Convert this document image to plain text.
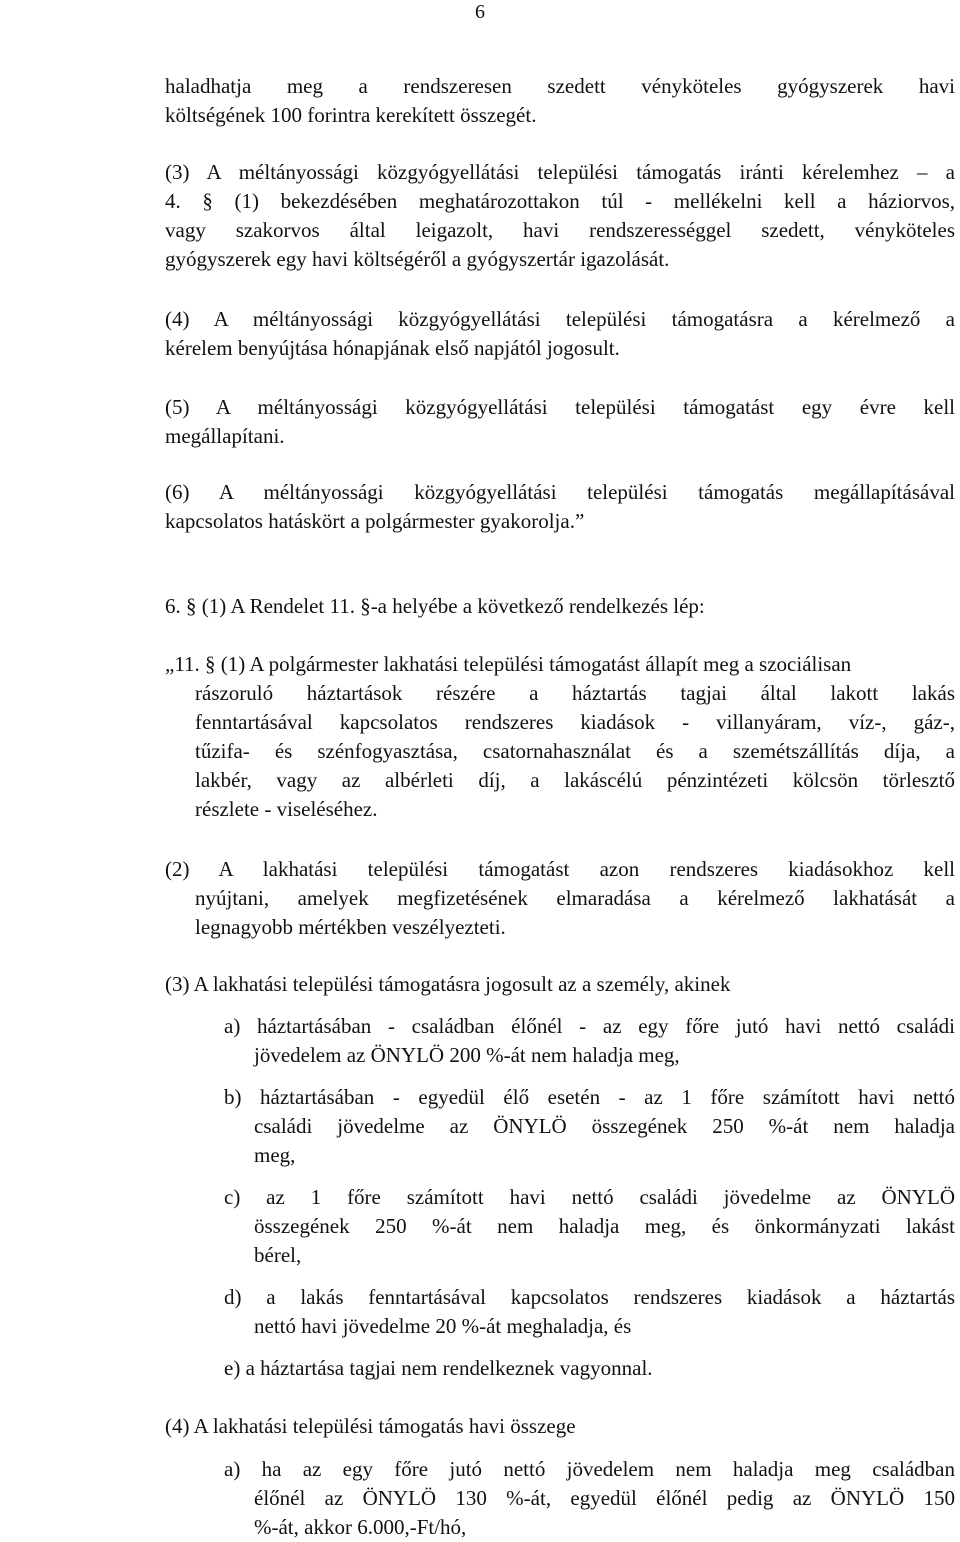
6
haladhatja meg a rendszeresen szedett vényköteles gyógyszerek havi
költségének 100 forintra kerekített összegét.
(3) A méltányossági közgyógyellátási települési támogatás iránti kérelemhez – a
4. § (1) bekezdésében meghatározottakon túl - mellékelni kell a háziorvos,
vagy szakorvos által leigazolt, havi rendszerességgel szedett, vényköteles
gyógyszerek egy havi költségéről a gyógyszertár igazolását.
(4) A méltányossági közgyógyellátási települési támogatásra a kérelmező a
kérelem benyújtása hónapjának első napjától jogosult.
(5) A méltányossági közgyógyellátási települési támogatást egy évre kell
megállapítani.
(6) A méltányossági közgyógyellátási települési támogatás megállapításával
kapcsolatos hatáskört a polgármester gyakorolja.”
6. § (1) A Rendelet 11. §-a helyébe a következő rendelkezés lép:
„11. § (1) A polgármester lakhatási települési támogatást állapít meg a szociálisan
rászoruló háztartások részére a háztartás tagjai által lakott lakás
fenntartásával kapcsolatos rendszeres kiadások - villanyáram, víz-, gáz-,
tűzifa- és szénfogyasztása, csatornahasználat és a szemétszállítás díja, a
lakbér, vagy az albérleti díj, a lakáscélú pénzintézeti kölcsön törlesztő
részlete - viseléséhez.
(2) A lakhatási települési támogatást azon rendszeres kiadásokhoz kell
nyújtani, amelyek megfizetésének elmaradása a kérelmező lakhatását a
legnagyobb mértékben veszélyezteti.
(3) A lakhatási települési támogatásra jogosult az a személy, akinek
a) háztartásában - családban élőnél - az egy főre jutó havi nettó családi
jövedelem az ÖNYLÖ 200 %-át nem haladja meg,
b) háztartásában - egyedül élő esetén - az 1 főre számított havi nettó
családi jövedelme az ÖNYLÖ összegének 250 %-át nem haladja
meg,
c) az 1 főre számított havi nettó családi jövedelme az ÖNYLÖ
összegének 250 %-át nem haladja meg, és önkormányzati lakást
bérel,
d) a lakás fenntartásával kapcsolatos rendszeres kiadások a háztartás
nettó havi jövedelme 20 %-át meghaladja, és
e) a háztartása tagjai nem rendelkeznek vagyonnal.
(4) A lakhatási települési támogatás havi összege
a) ha az egy főre jutó nettó jövedelem nem haladja meg családban
élőnél az ÖNYLÖ 130 %-át, egyedül élőnél pedig az ÖNYLÖ 150
%-át, akkor 6.000,-Ft/hó,
